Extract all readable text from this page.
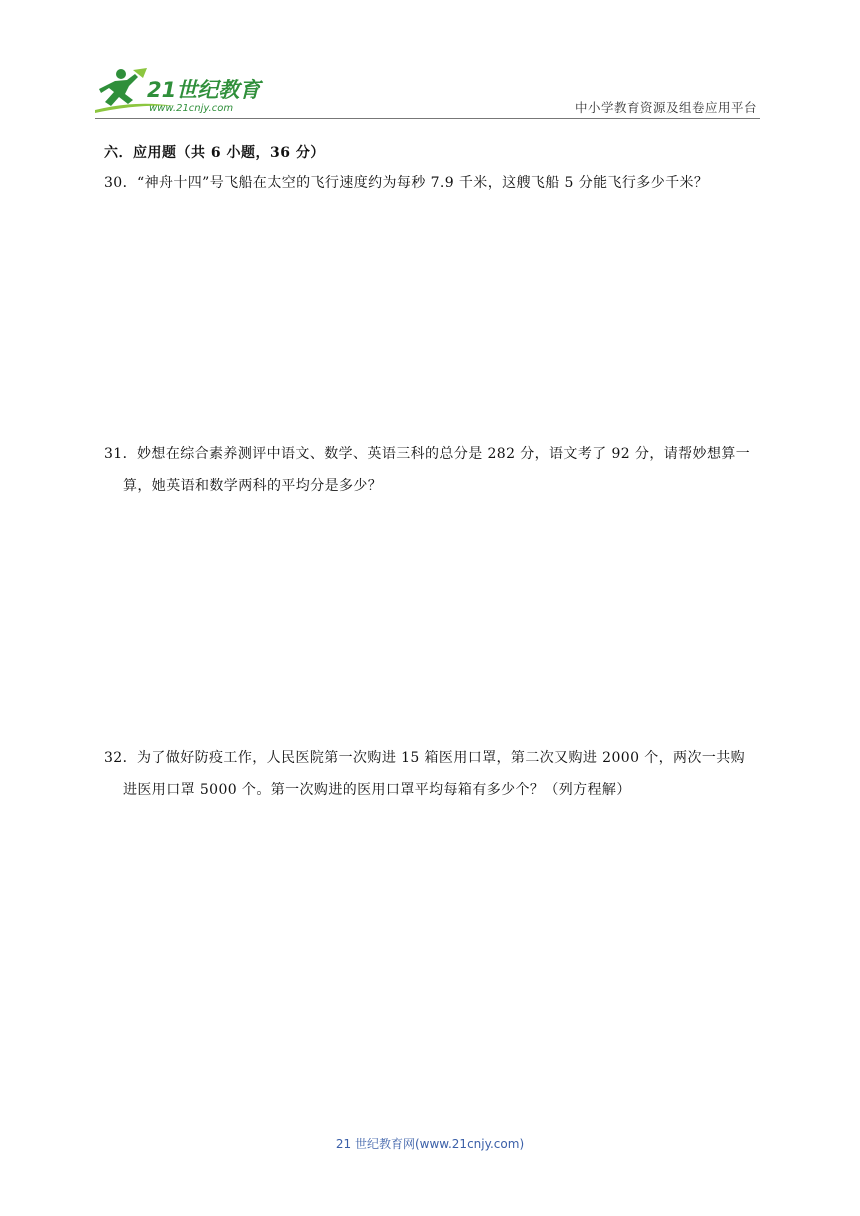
21世纪教育
www.21cnjy.com	中小学教育资源及组卷应用平台
六．应用题（共 6 小题，36 分）
30．“神舟十四”号飞船在太空的飞行速度约为每秒 7.9 千米，这艘飞船 5 分能飞行多少千米？
31．妙想在综合素养测评中语文、数学、英语三科的总分是 282 分，语文考了 92 分，请帮妙想算一
算，她英语和数学两科的平均分是多少？
32．为了做好防疫工作，人民医院第一次购进 15 箱医用口罩，第二次又购进 2000 个，两次一共购
进医用口罩 5000 个。第一次购进的医用口罩平均每箱有多少个？（列方程解）
21 世纪教育网(www.21cnjy.com)
